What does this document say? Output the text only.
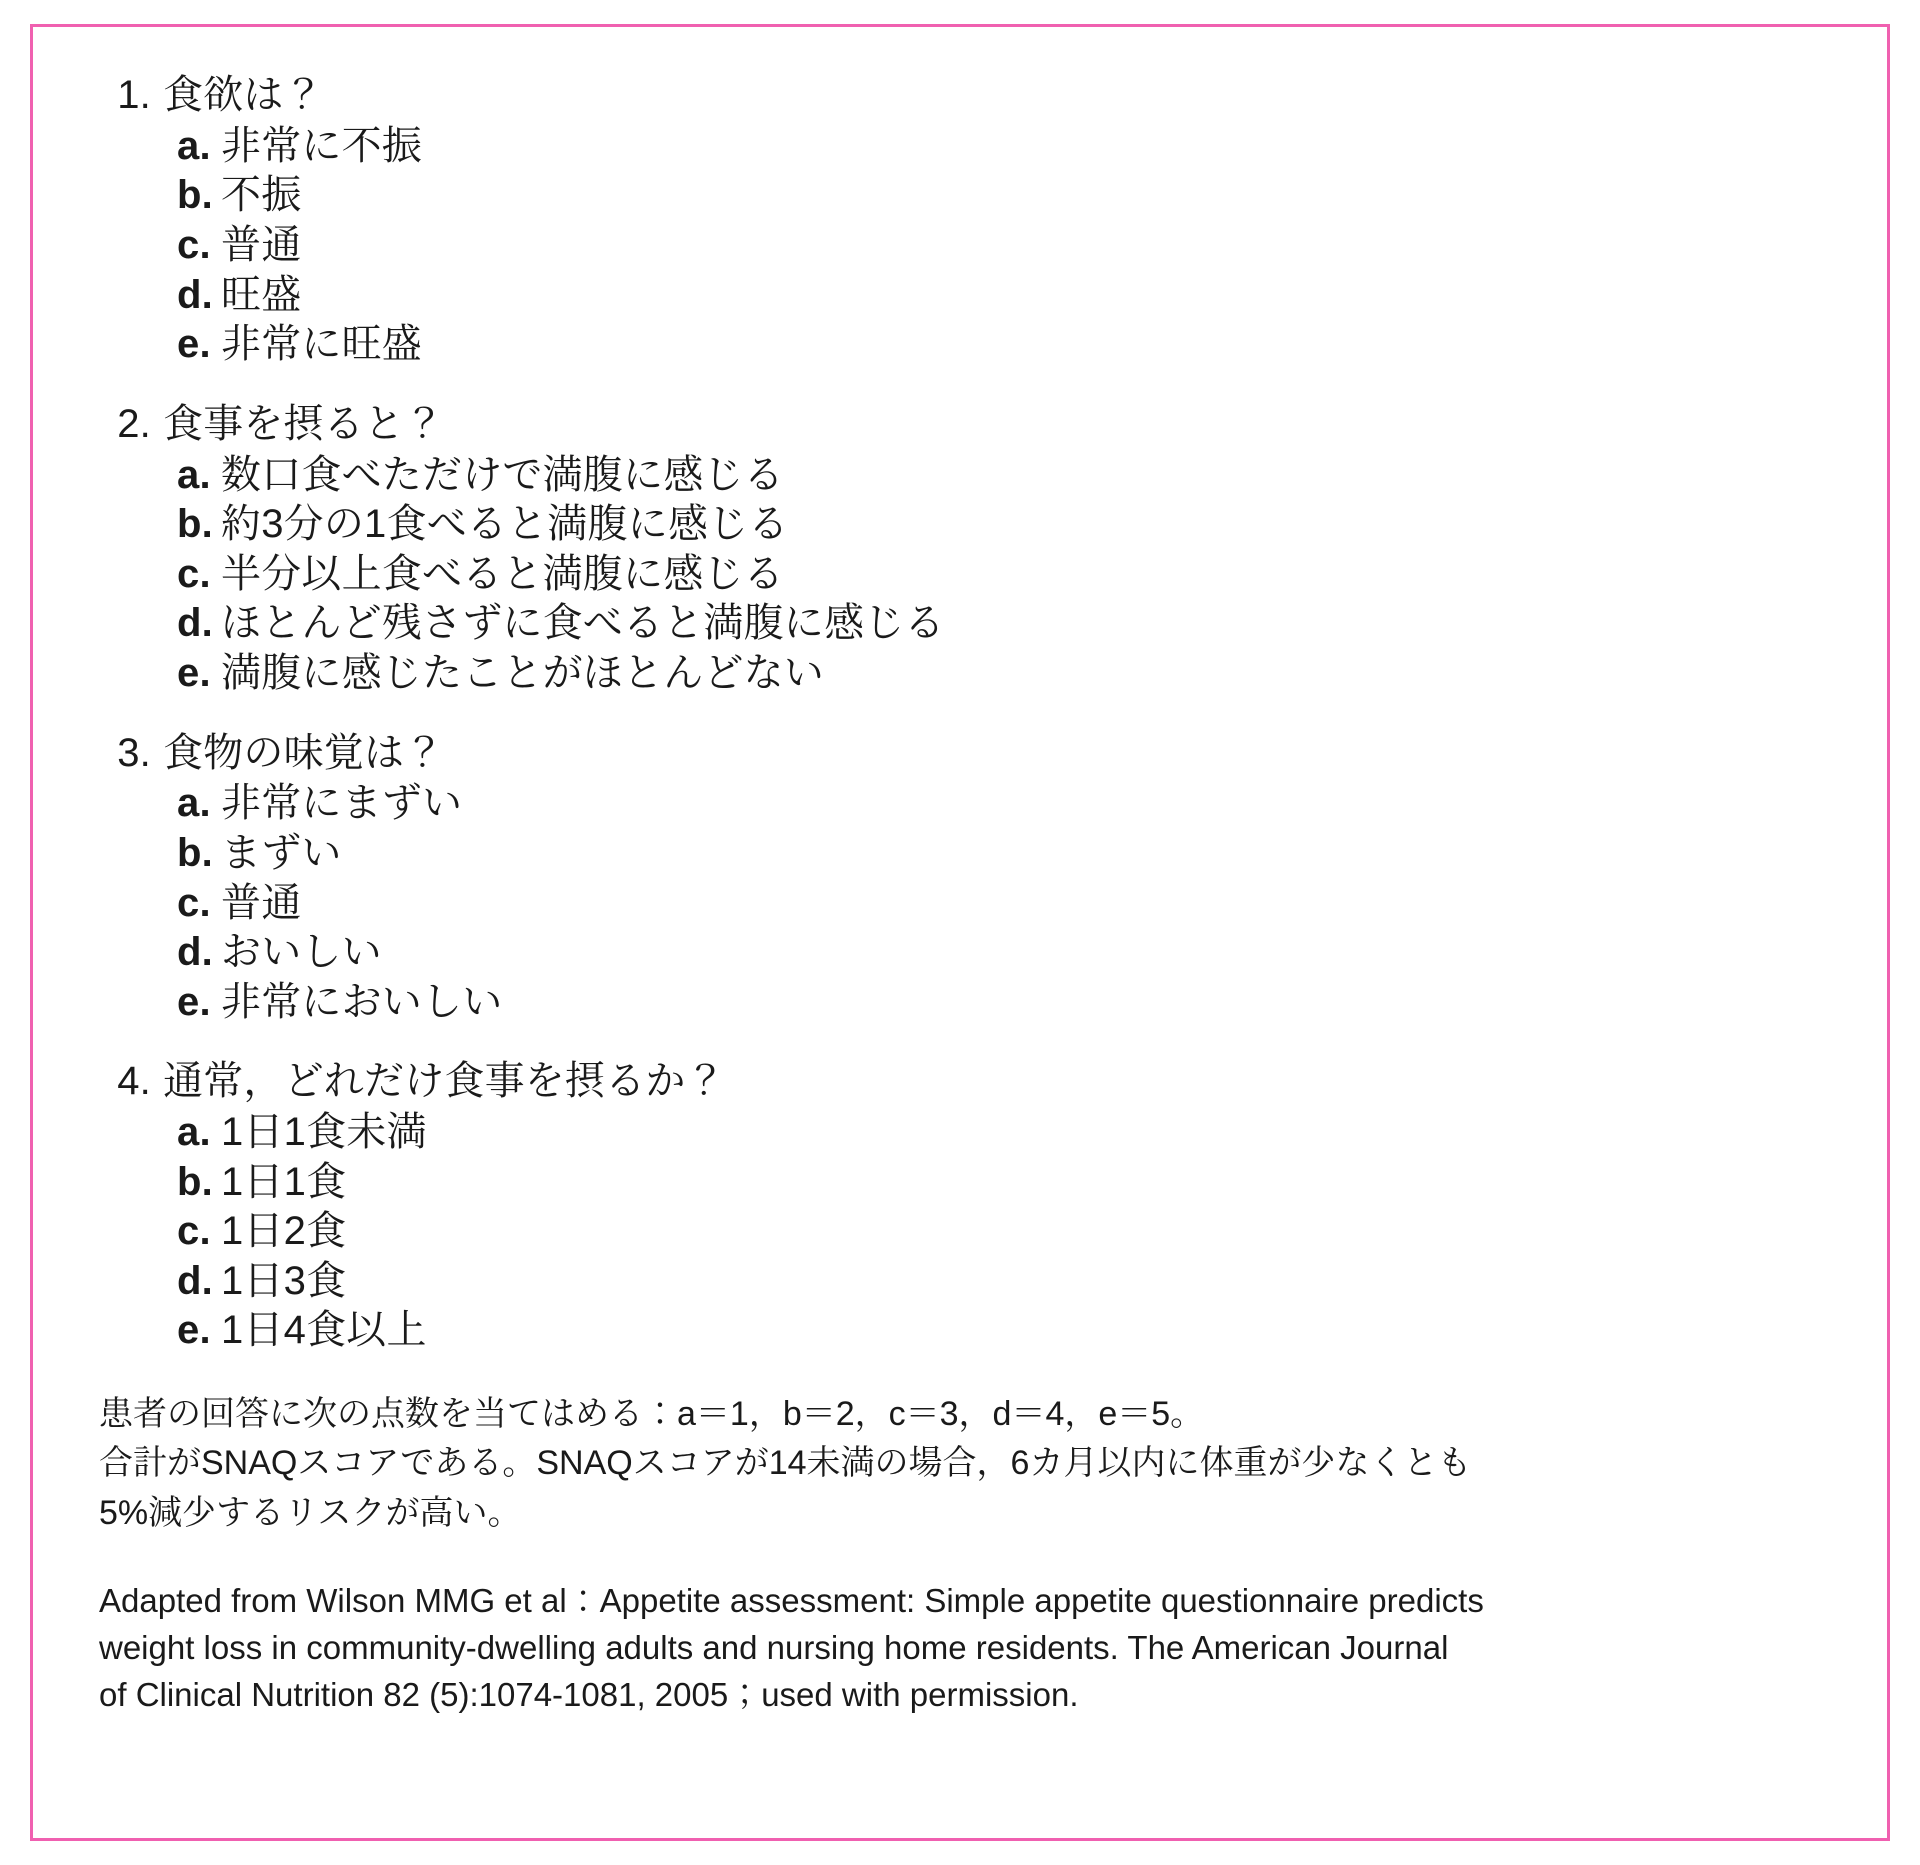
1. 食欲は？
a. 非常に不振
b. 不振
c. 普通
d. 旺盛
e. 非常に旺盛
2. 食事を摂ると？
a. 数口食べただけで満腹に感じる
b. 約3分の1食べると満腹に感じる
c. 半分以上食べると満腹に感じる
d. ほとんど残さずに食べると満腹に感じる
e. 満腹に感じたことがほとんどない
3. 食物の味覚は？
a. 非常にまずい
b. まずい
c. 普通
d. おいしい
e. 非常においしい
4. 通常，どれだけ食事を摂るか？
a. 1日1食未満
b. 1日1食
c. 1日2食
d. 1日3食
e. 1日4食以上
患者の回答に次の点数を当てはめる：a＝1，b＝2，c＝3，d＝4，e＝5。
合計がSNAQスコアである。SNAQスコアが14未満の場合，6カ月以内に体重が少なくとも
5%減少するリスクが高い。
Adapted from Wilson MMG et al：Appetite assessment: Simple appetite questionnaire predicts
weight loss in community-dwelling adults and nursing home residents. The American Journal
of Clinical Nutrition 82 (5):1074-1081, 2005；used with permission.
